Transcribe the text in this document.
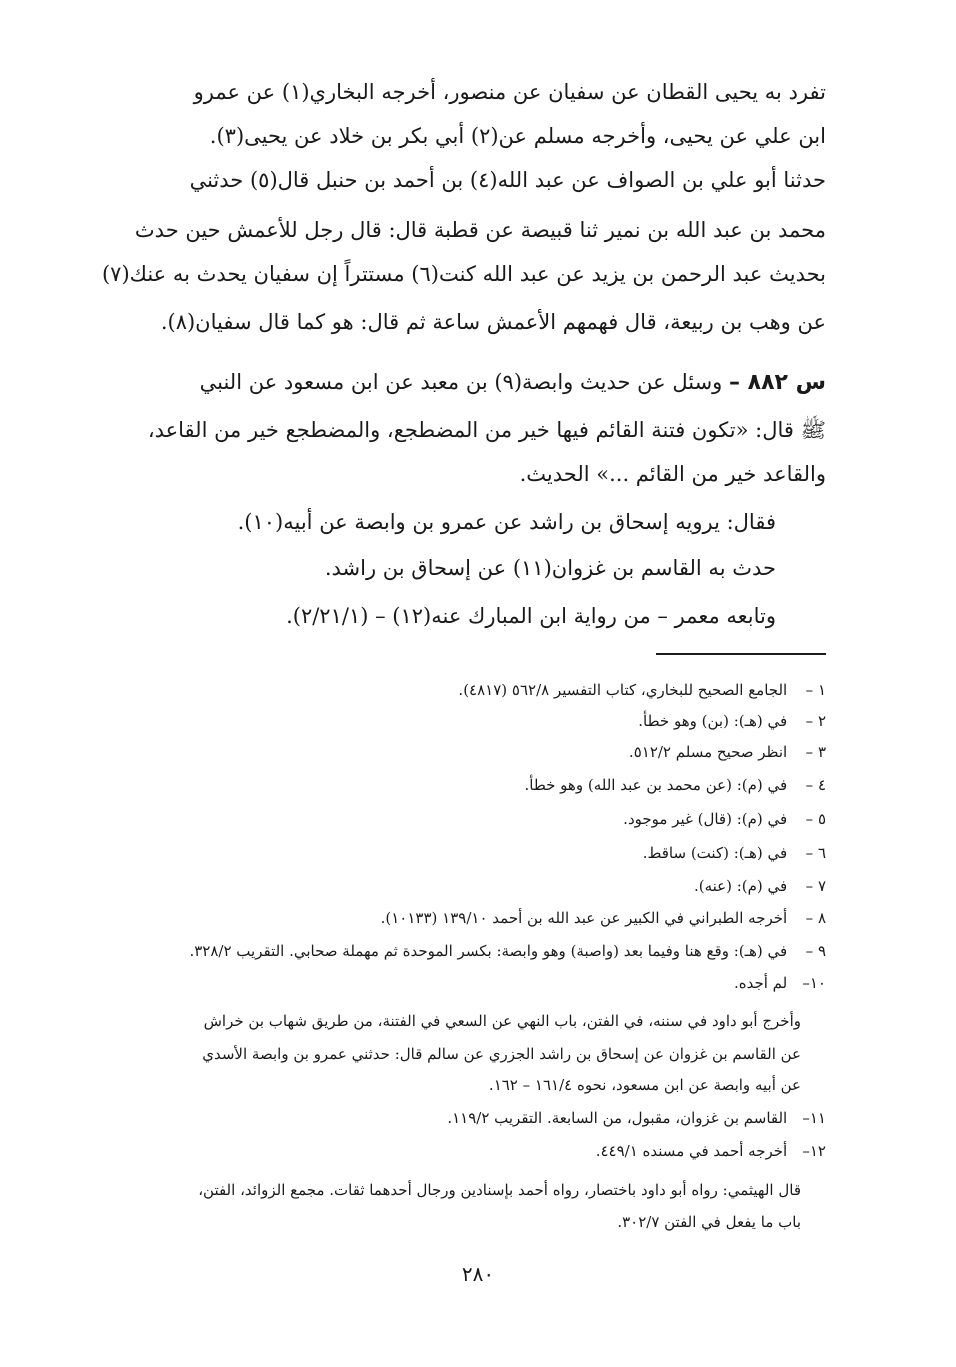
تفرد به يحيى القطان عن سفيان عن منصور، أخرجه البخاري(١) عن عمرو
ابن علي عن يحيى، وأخرجه مسلم عن(٢) أبي بكر بن خلاد عن يحيى(٣).
حدثنا أبو علي بن الصواف عن عبد الله(٤) بن أحمد بن حنبل قال(٥) حدثني
محمد بن عبد الله بن نمير ثنا قبيصة عن قطبة قال: قال رجل للأعمش حين حدث
بحديث عبد الرحمن بن يزيد عن عبد الله كنت(٦) مستتراً إن سفيان يحدث به عنك(٧)
عن وهب بن ربيعة، قال فهمهم الأعمش ساعة ثم قال: هو كما قال سفيان(٨).
س ٨٨٢ – وسئل عن حديث وابصة(٩) بن معبد عن ابن مسعود عن النبي
ﷺ قال: «تكون فتنة القائم فيها خير من المضطجع، والمضطجع خير من القاعد،
والقاعد خير من القائم ...» الحديث.
فقال: يرويه إسحاق بن راشد عن عمرو بن وابصة عن أبيه(١٠).
حدث به القاسم بن غزوان(١١) عن إسحاق بن راشد.
وتابعه معمر – من رواية ابن المبارك عنه(١٢) – (٢/٢١/١).
١ – الجامع الصحيح للبخاري، كتاب التفسير ٥٦٢/٨ (٤٨١٧).
٢ – في (هـ): (بن) وهو خطأ.
٣ – انظر صحيح مسلم ٥١٢/٢.
٤ – في (م): (عن محمد بن عبد الله) وهو خطأ.
٥ – في (م): (قال) غير موجود.
٦ – في (هـ): (كنت) ساقط.
٧ – في (م): (عنه).
٨ – أخرجه الطبراني في الكبير عن عبد الله بن أحمد ١٣٩/١٠ (١٠١٣٣).
٩ – في (هـ): وقع هنا وفيما بعد (واصبة) وهو وابصة: بكسر الموحدة ثم مهملة صحابي. التقريب ٣٢٨/٢.
١٠– لم أجده.
وأخرج أبو داود في سننه، في الفتن، باب النهي عن السعي في الفتنة، من طريق شهاب بن خراش
عن القاسم بن غزوان عن إسحاق بن راشد الجزري عن سالم قال: حدثني عمرو بن وابصة الأسدي
عن أبيه وابصة عن ابن مسعود، نحوه ١٦١/٤ – ١٦٢.
١١– القاسم بن غزوان، مقبول، من السابعة. التقريب ١١٩/٢.
١٢– أخرجه أحمد في مسنده ٤٤٩/١.
قال الهيثمي: رواه أبو داود باختصار، رواه أحمد بإسنادين ورجال أحدهما ثقات. مجمع الزوائد، الفتن،
باب ما يفعل في الفتن ٣٠٢/٧.
٢٨٠
